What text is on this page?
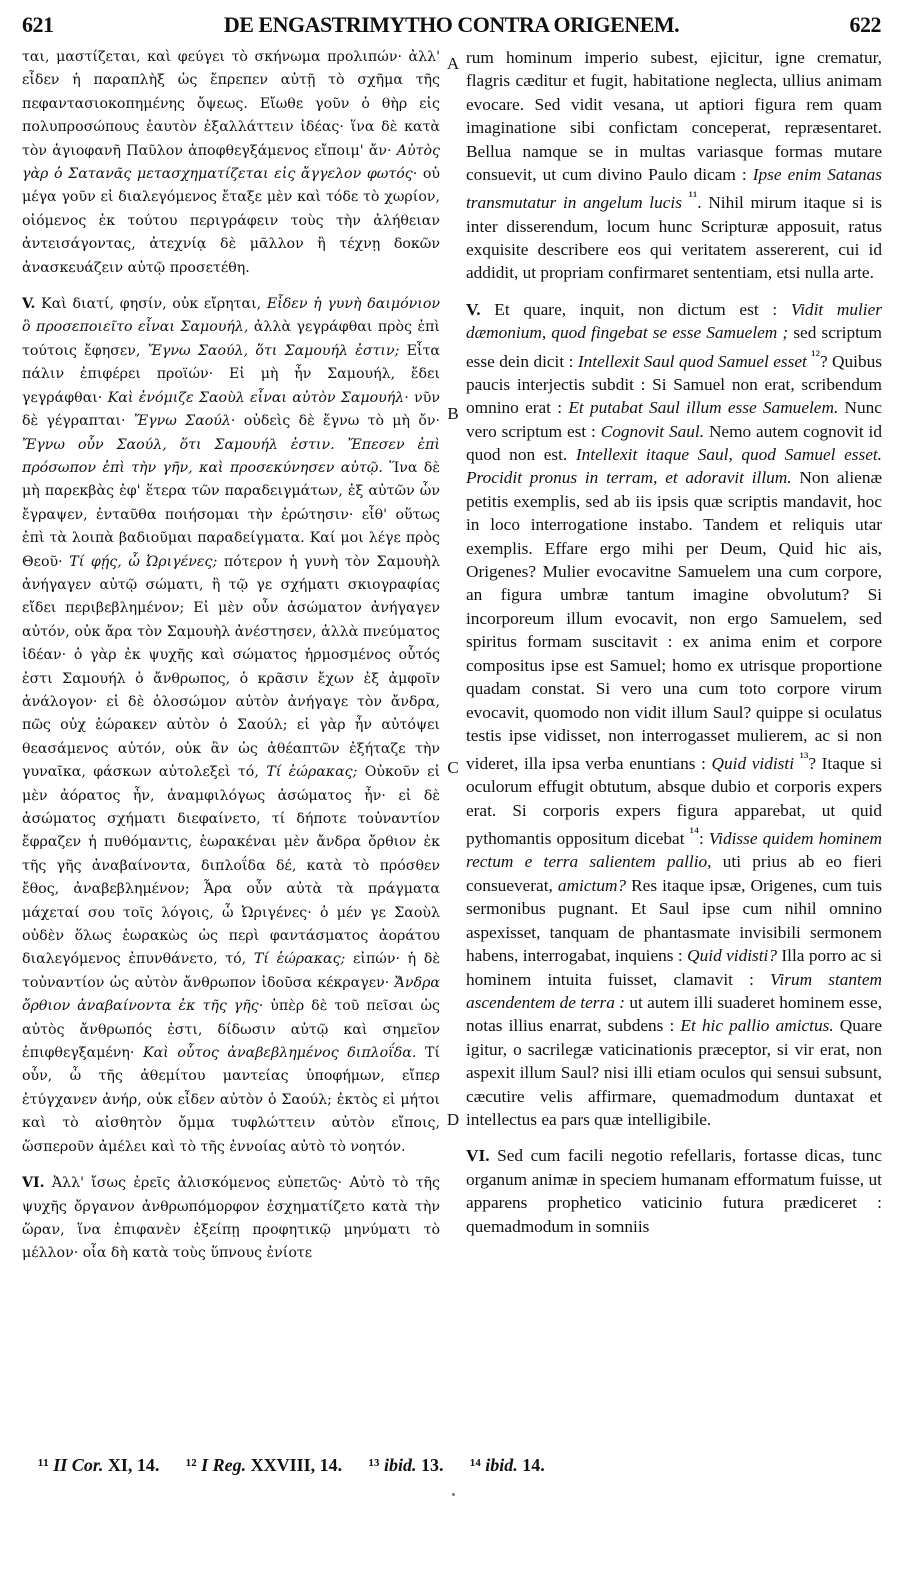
621	DE ENGASTRIMYTHO CONTRA ORIGENEM.	622

ται, μαστίζεται, καὶ φεύγει τὸ σκήνωμα προλιπών· ἀλλ' εἶδεν ἡ παραπλὴξ ὡς ἔπρεπεν αὐτῇ τὸ σχῆμα τῆς πεφαντασιοκοπημένης ὄψεως. Εἴωθε γοῦν ὁ θὴρ εἰς πολυπροσώπους ἑαυτὸν ἐξαλλάττειν ἰδέας· ἵνα δὲ κατὰ τὸν ἁγιοφανῆ Παῦλον ἀποφθεγξάμενος εἴποιμ' ἄν· Αὐτὸς γὰρ ὁ Σατανᾶς μετασχηματίζεται εἰς ἄγγελον φωτός· οὐ μέγα γοῦν εἰ διαλεγόμενος ἔταξε μὲν καὶ τόδε τὸ χωρίον, οἰόμενος ἐκ τούτου περιγράφειν τοὺς τὴν ἀλήθειαν ἀντεισάγοντας, ἀτεχνίᾳ δὲ μᾶλλον ἢ τέχνῃ δοκῶν ἀνασκευάζειν αὐτῷ προσετέθη.

V. Καὶ διατί, φησίν, οὐκ εἴρηται, Εἶδεν ἡ γυνὴ δαιμόνιον ὃ προσεποιεῖτο εἶναι Σαμουήλ, ἀλλὰ γεγράφθαι πρὸς ἐπὶ τούτοις ἔφησεν, Ἔγνω Σαούλ, ὅτι Σαμουήλ ἐστιν; Εἶτα πάλιν ἐπιφέρει προϊών· Εἰ μὴ ἦν Σαμουήλ, ἔδει γεγράφθαι· Καὶ ἐνόμιζε Σαοὺλ εἶναι αὐτὸν Σαμουήλ· νῦν δὲ γέγραπται· Ἔγνω Σαούλ· οὐδεὶς δὲ ἔγνω τὸ μὴ ὄν· Ἔγνω οὖν Σαούλ, ὅτι Σαμουήλ ἐστιν. Ἔπεσεν ἐπὶ πρόσωπον ἐπὶ τὴν γῆν, καὶ προσεκύνησεν αὐτῷ. Ἵνα δὲ μὴ παρεκβὰς ἐφ' ἕτερα τῶν παραδειγμάτων, ἐξ αὐτῶν ὧν ἔγραψεν, ἐνταῦθα ποιήσομαι τὴν ἐρώτησιν· εἶθ' οὕτως ἐπὶ τὰ λοιπὰ βαδιοῦμαι παραδείγματα. Καί μοι λέγε πρὸς Θεοῦ· Τί φῄς, ὦ Ὠριγένες; πότερον ἡ γυνὴ τὸν Σαμουὴλ ἀνήγαγεν αὐτῷ σώματι, ἢ τῷ γε σχήματι σκιογραφίας εἴδει περιβεβλημένον; Εἰ μὲν οὖν ἀσώματον ἀνήγαγεν αὐτόν, οὐκ ἄρα τὸν Σαμουὴλ ἀνέστησεν, ἀλλὰ πνεύματος ἰδέαν· ὁ γὰρ ἐκ ψυχῆς καὶ σώματος ἡρμοσμένος οὗτός ἐστι Σαμουήλ ὁ ἄνθρωπος, ὁ κρᾶσιν ἔχων ἐξ ἀμφοῖν ἀνάλογον· εἰ δὲ ὁλοσώμον αὐτὸν ἀνήγαγε τὸν ἄνδρα, πῶς οὐχ ἑώρακεν αὐτὸν ὁ Σαούλ; εἰ γὰρ ἦν αὐτόψει θεασάμενος αὐτόν, οὐκ ἂν ὡς ἀθέαπτῶν ἐξήταζε τὴν γυναῖκα, φάσκων αὐτολεξεὶ τό, Τί ἑώρακας; Οὐκοῦν εἰ μὲν ἀόρατος ἦν, ἀναμφιλόγως ἀσώματος ἦν· εἰ δὲ ἀσώματος σχήματι διεφαίνετο, τί δήποτε τοὐναντίον ἔφραζεν ἡ πυθόμαντις, ἑωρακέναι μὲν ἄνδρα ὄρθιον ἐκ τῆς γῆς ἀναβαίνοντα, διπλοΐδα δέ, κατὰ τὸ πρόσθεν ἔθος, ἀναβεβλημένον; Ἆρα οὖν αὐτὰ τὰ πράγματα μάχεταί σου τοῖς λόγοις, ὦ Ὠριγένες· ὁ μέν γε Σαοὺλ οὐδὲν ὅλως ἑωρακὼς ὡς περὶ φαντάσματος ἀοράτου διαλεγόμενος ἐπυνθάνετο, τό, Τί ἑώρακας; εἰπών· ἡ δὲ τοὐναντίον ὡς αὐτὸν ἄνθρωπον ἰδοῦσα κέκραγεν· Ἄνδρα ὄρθιον ἀναβαίνοντα ἐκ τῆς γῆς· ὑπὲρ δὲ τοῦ πεῖσαι ὡς αὐτὸς ἄνθρωπός ἐστι, δίδωσιν αὐτῷ καὶ σημεῖον ἐπιφθεγξαμένη· Καὶ οὗτος ἀναβεβλημένος διπλοΐδα. Τί οὖν, ὦ τῆς ἀθεμίτου μαντείας ὑποφήμων, εἴπερ ἐτύγχανεν ἀνήρ, οὐκ εἶδεν αὐτὸν ὁ Σαούλ; ἐκτὸς εἰ μήτοι καὶ τὸ αἰσθητὸν ὄμμα τυφλώττειν αὐτὸν εἴποις, ὥσπεροῦν ἀμέλει καὶ τὸ τῆς ἐννοίας αὐτὸ τὸ νοητόν.

VI. Ἀλλ' ἴσως ἐρεῖς ἀλισκόμενος εὐπετῶς· Αὐτὸ τὸ τῆς ψυχῆς ὄργανον ἀνθρωπόμορφον ἐσχηματίζετο κατὰ τὴν ὥραν, ἵνα ἐπιφανὲν ἐξείπῃ προφητικῷ μηνύματι τὸ μέλλον· οἷα δὴ κατὰ τοὺς ὕπνους ἐνίοτε

A
B
C
D

rum hominum imperio subest, ejicitur, igne crematur, flagris cæditur et fugit, habitatione neglecta, ullius animam evocare. Sed vidit vesana, ut aptiori figura rem quam imaginatione sibi confictam conceperat, repræsentaret. Bellua namque se in multas variasque formas mutare consuevit, ut cum divino Paulo dicam : Ipse enim Satanas transmutatur in angelum lucis $^{^{11}}$. Nihil mirum itaque si is inter disserendum, locum hunc Scripturæ apposuit, ratus exquisite describere eos qui veritatem assererent, cui id addidit, ut propriam confirmaret sententiam, etsi nulla arte.

V. Et quare, inquit, non dictum est : Vidit mulier dæmonium, quod fingebat se esse Samuelem ; sed scriptum esse dein dicit : Intellexit Saul quod Samuel esset $^{^{12}}$? Quibus paucis interjectis subdit : Si Samuel non erat, scribendum omnino erat : Et putabat Saul illum esse Samuelem. Nunc vero scriptum est : Cognovit Saul. Nemo autem cognovit id quod non est. Intellexit itaque Saul, quod Samuel esset. Procidit pronus in terram, et adoravit illum. Non alienæ petitis exemplis, sed ab iis ipsis quæ scriptis mandavit, hoc in loco interrogatione instabo. Tandem et reliquis utar exemplis. Effare ergo mihi per Deum, Quid hic ais, Origenes? Mulier evocavitne Samuelem una cum corpore, an figura umbræ tantum imagine obvolutum? Si incorporeum illum evocavit, non ergo Samuelem, sed spiritus formam suscitavit : ex anima enim et corpore compositus ipse est Samuel; homo ex utrisque proportione quadam constat. Si vero una cum toto corpore virum evocavit, quomodo non vidit illum Saul? quippe si oculatus testis ipse vidisset, non interrogasset mulierem, ac si non videret, illa ipsa verba enuntians : Quid vidisti $^{^{13}}$? Itaque si oculorum effugit obtutum, absque dubio et corporis expers erat. Si corporis expers figura apparebat, ut quid pythomantis oppositum dicebat $^{^{14}}$: Vidisse quidem hominem rectum e terra salientem pallio, uti prius ab eo fieri consueverat, amictum? Res itaque ipsæ, Origenes, cum tuis sermonibus pugnant. Et Saul ipse cum nihil omnino aspexisset, tanquam de phantasmate invisibili sermonem habens, interrogabat, inquiens : Quid vidisti? Illa porro ac si hominem intuita fuisset, clamavit : Virum stantem ascendentem de terra : ut autem illi suaderet hominem esse, notas illius enarrat, subdens : Et hic pallio amictus. Quare igitur, o sacrilegæ vaticinationis præceptor, si vir erat, non aspexit illum Saul? nisi illi etiam oculos qui sensui subsunt, cæcutire velis affirmare, quemadmodum duntaxat et intellectus ea pars quæ intelligibile.

VI. Sed cum facili negotio refellaris, fortasse dicas, tunc organum animæ in speciem humanam efformatum fuisse, ut apparens prophetico vaticinio futura prædiceret : quemadmodum in somniis

¹¹ II Cor. XI, 14. ¹² I Reg. XXVIII, 14. ¹³ ibid. 13. ¹⁴ ibid. 14.
